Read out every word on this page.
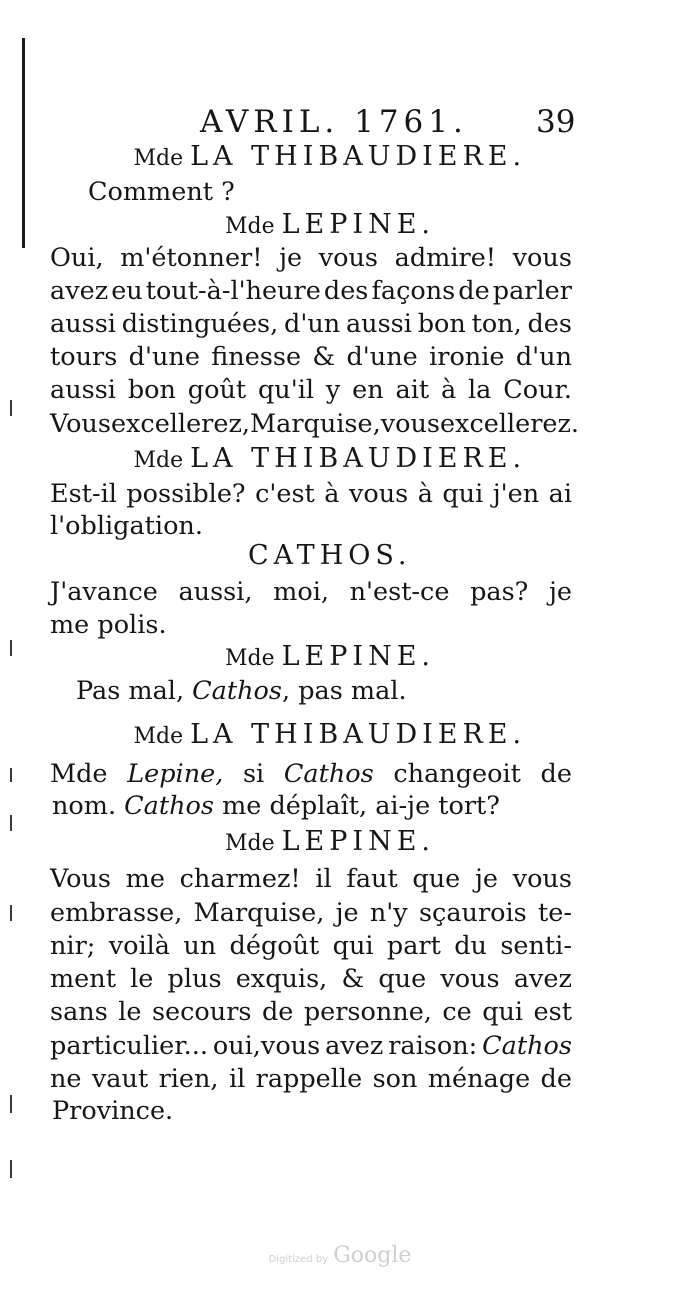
AVRIL. 1761. 39
Mde LA THIBAUDIERE.
Comment ?
Mde LEPINE.
Oui, m'étonner! je vous admire! vous
avez eu tout-à-l'heure des façons de parler
aussi distinguées, d'un aussi bon ton, des
tours d'une finesse & d'une ironie d'un
aussi bon goût qu'il y en ait à la Cour.
Vous excellerez,Marquise,vous excellerez.
Mde LA THIBAUDIERE.
Est-il possible? c'est à vous à qui j'en ai
l'obligation.
CATHOS.
J'avance aussi, moi, n'est-ce pas? je
me polis.
Mde LEPINE.
Pas mal, Cathos, pas mal.
Mde LA THIBAUDIERE.
Mde Lepine, si Cathos changeoit de
nom. Cathos me déplaît, ai-je tort?
Mde LEPINE.
Vous me charmez! il faut que je vous
embrasse, Marquise, je n'y sçaurois te-
nir; voilà un dégoût qui part du senti-
ment le plus exquis, & que vous avez
sans le secours de personne, ce qui est
particulier... oui,vous avez raison: Cathos
ne vaut rien, il rappelle son ménage de
Province.
Digitized by Google
